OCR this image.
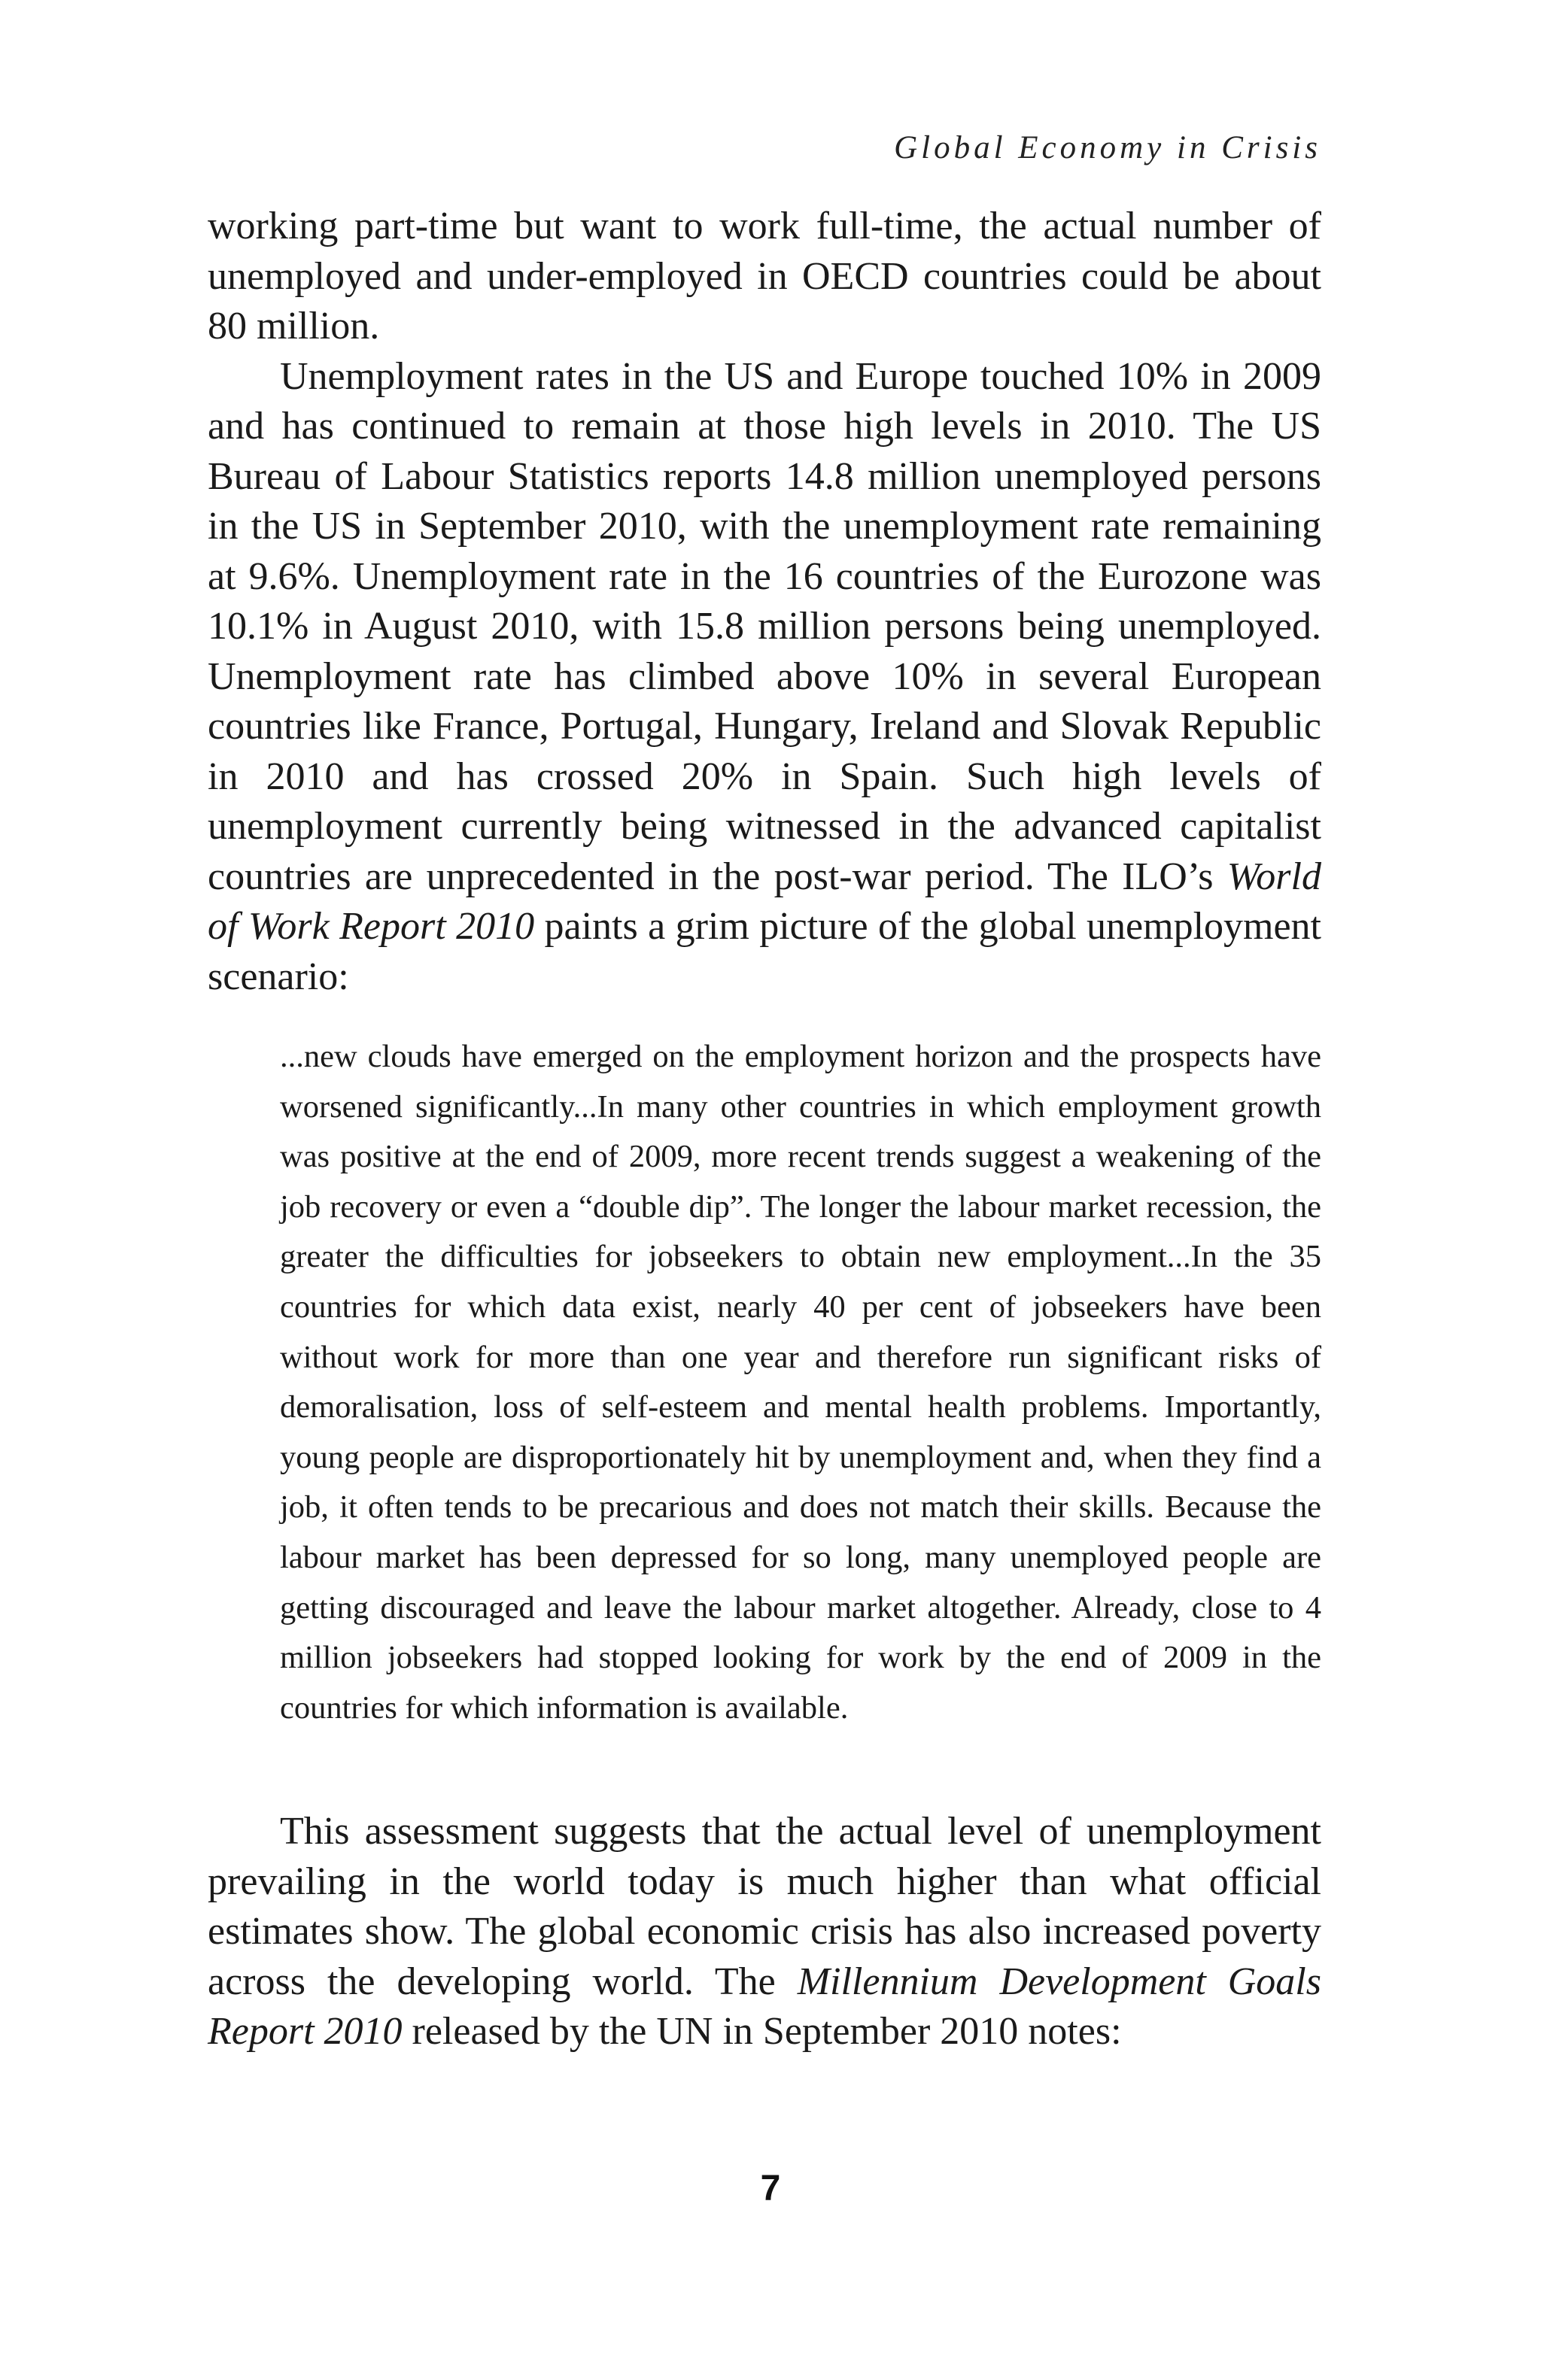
Global Economy in Crisis

working part-time but want to work full-time, the actual number of unemployed and under-employed in OECD countries could be about 80 million.

Unemployment rates in the US and Europe touched 10% in 2009 and has continued to remain at those high levels in 2010. The US Bureau of Labour Statistics reports 14.8 million unemployed persons in the US in September 2010, with the unemployment rate remaining at 9.6%. Unemployment rate in the 16 countries of the Eurozone was 10.1% in August 2010, with 15.8 million persons being unemployed. Unemployment rate has climbed above 10% in several European countries like France, Portugal, Hungary, Ireland and Slovak Republic in 2010 and has crossed 20% in Spain. Such high levels of unemployment currently being witnessed in the advanced capitalist countries are unprecedented in the post-war period. The ILO’s World of Work Report 2010 paints a grim picture of the global unemployment scenario:

...new clouds have emerged on the employment horizon and the prospects have worsened significantly...In many other countries in which employment growth was positive at the end of 2009, more recent trends suggest a weakening of the job recovery or even a “double dip”. The longer the labour market recession, the greater the difficulties for jobseekers to obtain new employment...In the 35 countries for which data exist, nearly 40 per cent of jobseekers have been without work for more than one year and therefore run significant risks of demoralisation, loss of self-esteem and mental health problems. Importantly, young people are disproportionately hit by unemployment and, when they find a job, it often tends to be precarious and does not match their skills. Because the labour market has been depressed for so long, many unemployed people are getting discouraged and leave the labour market altogether. Already, close to 4 million jobseekers had stopped looking for work by the end of 2009 in the countries for which information is available.

This assessment suggests that the actual level of unemployment prevailing in the world today is much higher than what official estimates show. The global economic crisis has also increased poverty across the developing world. The Millennium Development Goals Report 2010 released by the UN in September 2010 notes:

7
